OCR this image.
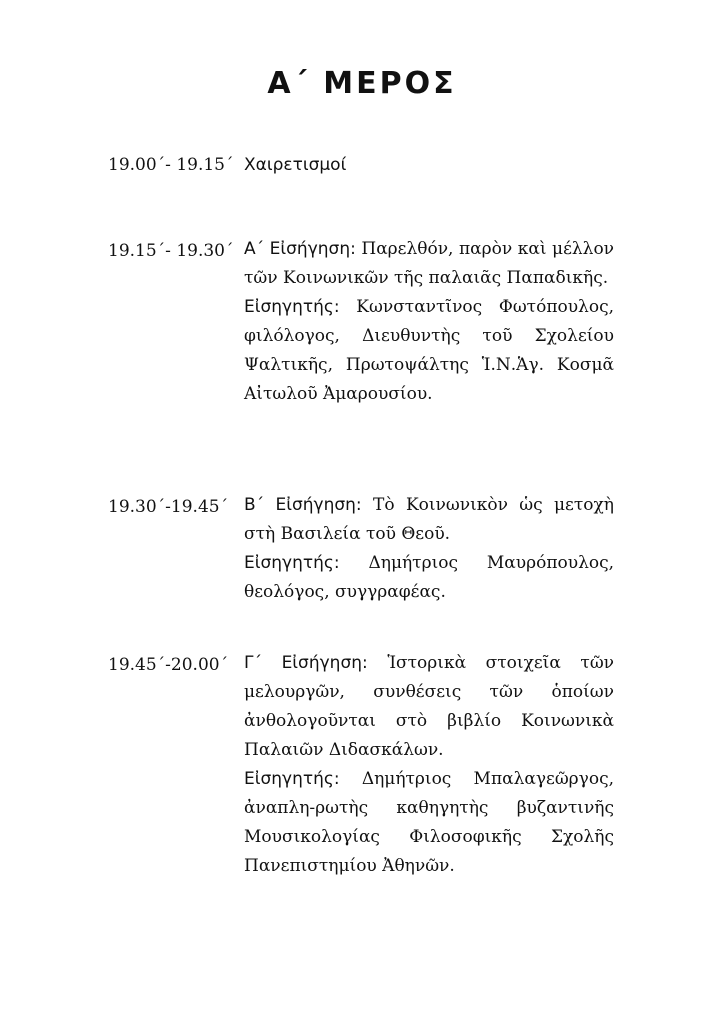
Α΄ ΜΕΡΟΣ
19.00΄- 19.15΄ Χαιρετισμοί
19.15΄- 19.30΄ Α΄ Εἰσήγηση: Παρελθόν, παρὸν καὶ μέλλον τῶν Κοινωνικῶν τῆς παλαιᾶς Παπαδικῆς.

Εἰσηγητής: Κωνσταντῖνος Φωτόπουλος, φιλόλογος, Διευθυντὴς τοῦ Σχολείου Ψαλτικῆς, Πρωτοψάλτης Ἱ.Ν.Ἁγ. Κοσμᾶ Αἰτωλοῦ Ἀμαρουσίου.

19.30΄-19.45΄ Β΄ Εἰσήγηση: Τὸ Κοινωνικὸν ὡς μετοχὴ στὴ Βασιλεία τοῦ Θεοῦ.

Εἰσηγητής: Δημήτριος Μαυρόπουλος, θεολόγος, συγγραφέας.

19.45΄-20.00΄ Γ΄ Εἰσήγηση: Ἱστορικὰ στοιχεῖα τῶν μελουργῶν, συνθέσεις τῶν ὁποίων ἀνθολογοῦνται στὸ βιβλίο Κοινωνικὰ Παλαιῶν Διδασκάλων.

Εἰσηγητής: Δημήτριος Μπαλαγεῶργος, ἀναπλη-ρωτὴς καθηγητὴς βυζαντινῆς Μουσικολογίας Φιλοσοφικῆς Σχολῆς Πανεπιστημίου Ἀθηνῶν.
